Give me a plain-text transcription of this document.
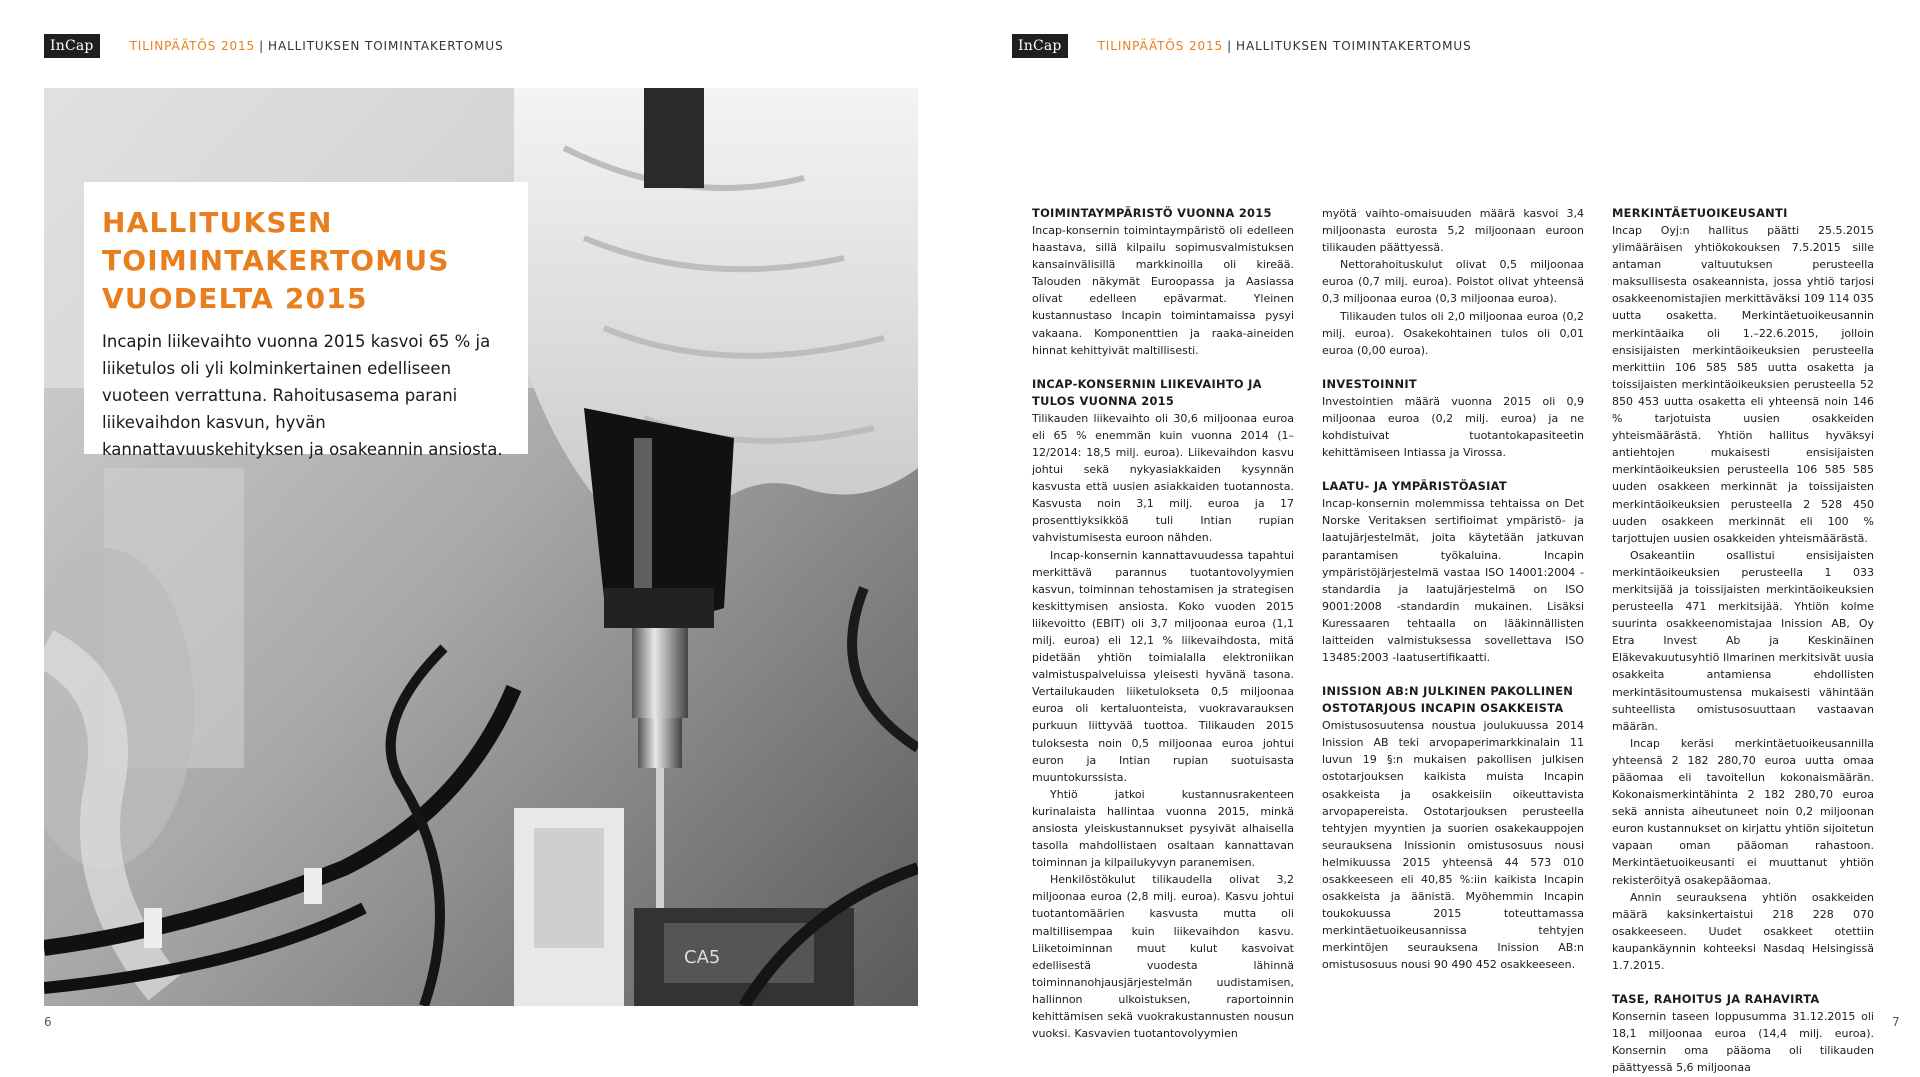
InCap	TILINPÄÄTÖS 2015 | HALLITUKSEN TOIMINTAKERTOMUS
CA5
HALLITUKSEN
TOIMINTAKERTOMUS
VUODELTA 2015
Incapin liikevaihto vuonna 2015 kasvoi 65 % ja liiketulos oli yli kolminkertainen edelliseen vuoteen verrattuna. Rahoitusasema parani liikevaihdon kasvun, hyvän kannattavuuskehityksen ja osakeannin ansiosta.
6
InCap	TILINPÄÄTÖS 2015 | HALLITUKSEN TOIMINTAKERTOMUS
7
TOIMINTAYMPÄRISTÖ VUONNA 2015

Incap-konsernin toimintaympäristö oli edelleen haastava, sillä kilpailu sopimusvalmistuksen kansainvälisillä markkinoilla oli kireää. Talouden näkymät Euroopassa ja Aasiassa olivat edelleen epävarmat. Yleinen kustannustaso Incapin toimintamaissa pysyi vakaana. Komponenttien ja raaka-aineiden hinnat kehittyivät maltillisesti.

INCAP-KONSERNIN LIIKEVAIHTO JA TULOS VUONNA 2015

Tilikauden liikevaihto oli 30,6 miljoonaa euroa eli 65 % enemmän kuin vuonna 2014 (1–12/2014: 18,5 milj. euroa). Liikevaihdon kasvu johtui sekä nykyasiakkaiden kysynnän kasvusta että uusien asiakkaiden tuotannosta. Kasvusta noin 3,1 milj. euroa ja 17 prosenttiyksikköä tuli Intian rupian vahvistumisesta euroon nähden.

Incap-konsernin kannattavuudessa tapahtui merkittävä parannus tuotantovolyymien kasvun, toiminnan tehostamisen ja strategisen keskittymisen ansiosta. Koko vuoden 2015 liikevoitto (EBIT) oli 3,7 miljoonaa euroa (1,1 milj. euroa) eli 12,1 % liikevaihdosta, mitä pidetään yhtiön toimialalla elektroniikan valmistuspalveluissa yleisesti hyvänä tasona. Vertailukauden liiketulokseta 0,5 miljoonaa euroa oli kertaluonteista, vuokravarauksen purkuun liittyvää tuottoa. Tilikauden 2015 tuloksesta noin 0,5 miljoonaa euroa johtui euron ja Intian rupian suotuisasta muuntokurssista.

Yhtiö jatkoi kustannusrakenteen kurinalaista hallintaa vuonna 2015, minkä ansiosta yleiskustannukset pysyivät alhaisella tasolla mahdollistaen osaltaan kannattavan toiminnan ja kilpailukyvyn paranemisen.

Henkilöstökulut tilikaudella olivat 3,2 miljoonaa euroa (2,8 milj. euroa). Kasvu johtui tuotantomäärien kasvusta mutta oli maltillisempaa kuin liikevaihdon kasvu. Liiketoiminnan muut kulut kasvoivat edellisestä vuodesta lähinnä toiminnanohjausjärjestelmän uudistamisen, hallinnon ulkoistuksen, raportoinnin kehittämisen sekä vuokrakustannusten nousun vuoksi. Kasvavien tuotantovolyymien

myötä vaihto-omaisuuden määrä kasvoi 3,4 miljoonasta eurosta 5,2 miljoonaan euroon tilikauden päättyessä.

Nettorahoituskulut olivat 0,5 miljoonaa euroa (0,7 milj. euroa). Poistot olivat yhteensä 0,3 miljoonaa euroa (0,3 miljoonaa euroa).

Tilikauden tulos oli 2,0 miljoonaa euroa (0,2 milj. euroa). Osakekohtainen tulos oli 0,01 euroa (0,00 euroa).

INVESTOINNIT

Investointien määrä vuonna 2015 oli 0,9 miljoonaa euroa (0,2 milj. euroa) ja ne kohdistuivat tuotantokapasiteetin kehittämiseen Intiassa ja Virossa.

LAATU- JA YMPÄRISTÖASIAT

Incap-konsernin molemmissa tehtaissa on Det Norske Veritaksen sertifioimat ympäristö- ja laatujärjestelmät, joita käytetään jatkuvan parantamisen työkaluina. Incapin ympäristöjärjestelmä vastaa ISO 14001:2004 -standardia ja laatujärjestelmä on ISO 9001:2008 -standardin mukainen. Lisäksi Kuressaaren tehtaalla on lääkinnällisten laitteiden valmistuksessa sovellettava ISO 13485:2003 -laatusertifikaatti.

INISSION AB:N JULKINEN PAKOLLINEN OSTOTARJOUS INCAPIN OSAKKEISTA

Omistusosuutensa noustua joulukuussa 2014 Inission AB teki arvopaperimarkkinalain 11 luvun 19 §:n mukaisen pakollisen julkisen ostotarjouksen kaikista muista Incapin osakkeista ja osakkeisiin oikeuttavista arvopapereista. Ostotarjouksen perusteella tehtyjen myyntien ja suorien osakekauppojen seurauksena Inissionin omistusosuus nousi helmikuussa 2015 yhteensä 44 573 010 osakkeeseen eli 40,85 %:iin kaikista Incapin osakkeista ja äänistä. Myöhemmin Incapin toukokuussa 2015 toteuttamassa merkintäetuoikeusannissa tehtyjen merkintöjen seurauksena Inission AB:n omistusosuus nousi 90 490 452 osakkeeseen.

MERKINTÄETUOIKEUSANTI

Incap Oyj:n hallitus päätti 25.5.2015 ylimääräisen yhtiökokouksen 7.5.2015 sille antaman valtuutuksen perusteella maksullisesta osakeannista, jossa yhtiö tarjosi osakkeenomistajien merkittäväksi 109 114 035 uutta osaketta. Merkintäetuoikeusannin merkintäaika oli 1.–22.6.2015, jolloin ensisijaisten merkintäoikeuksien perusteella merkittiin 106 585 585 uutta osaketta ja toissijaisten merkintäoikeuksien perusteella 52 850 453 uutta osaketta eli yhteensä noin 146 % tarjotuista uusien osakkeiden yhteismäärästä. Yhtiön hallitus hyväksyi antiehtojen mukaisesti ensisijaisten merkintäoikeuksien perusteella 106 585 585 uuden osakkeen merkinnät ja toissijaisten merkintäoikeuksien perusteella 2 528 450 uuden osakkeen merkinnät eli 100 % tarjottujen uusien osakkeiden yhteismäärästä.

Osakeantiin osallistui ensisijaisten merkintäoikeuksien perusteella 1 033 merkitsijää ja toissijaisten merkintäoikeuksien perusteella 471 merkitsijää. Yhtiön kolme suurinta osakkeenomistajaa Inission AB, Oy Etra Invest Ab ja Keskinäinen Eläkevakuutusyhtiö Ilmarinen merkitsivät uusia osakkeita antamiensa ehdollisten merkintäsitoumustensa mukaisesti vähintään suhteellista omistusosuuttaan vastaavan määrän.

Incap keräsi merkintäetuoikeusannilla yhteensä 2 182 280,70 euroa uutta omaa pääomaa eli tavoitellun kokonaismäärän. Kokonaismerkintähinta 2 182 280,70 euroa sekä annista aiheutuneet noin 0,2 miljoonan euron kustannukset on kirjattu yhtiön sijoitetun vapaan oman pääoman rahastoon. Merkintäetuoikeusanti ei muuttanut yhtiön rekisteröityä osakepääomaa.

Annin seurauksena yhtiön osakkeiden määrä kaksinkertaistui 218 228 070 osakkeeseen. Uudet osakkeet otettiin kaupankäynnin kohteeksi Nasdaq Helsingissä 1.7.2015.

TASE, RAHOITUS JA RAHAVIRTA

Konsernin taseen loppusumma 31.12.2015 oli 18,1 miljoonaa euroa (14,4 milj. euroa). Konsernin oma pääoma oli tilikauden päättyessä 5,6 miljoonaa
